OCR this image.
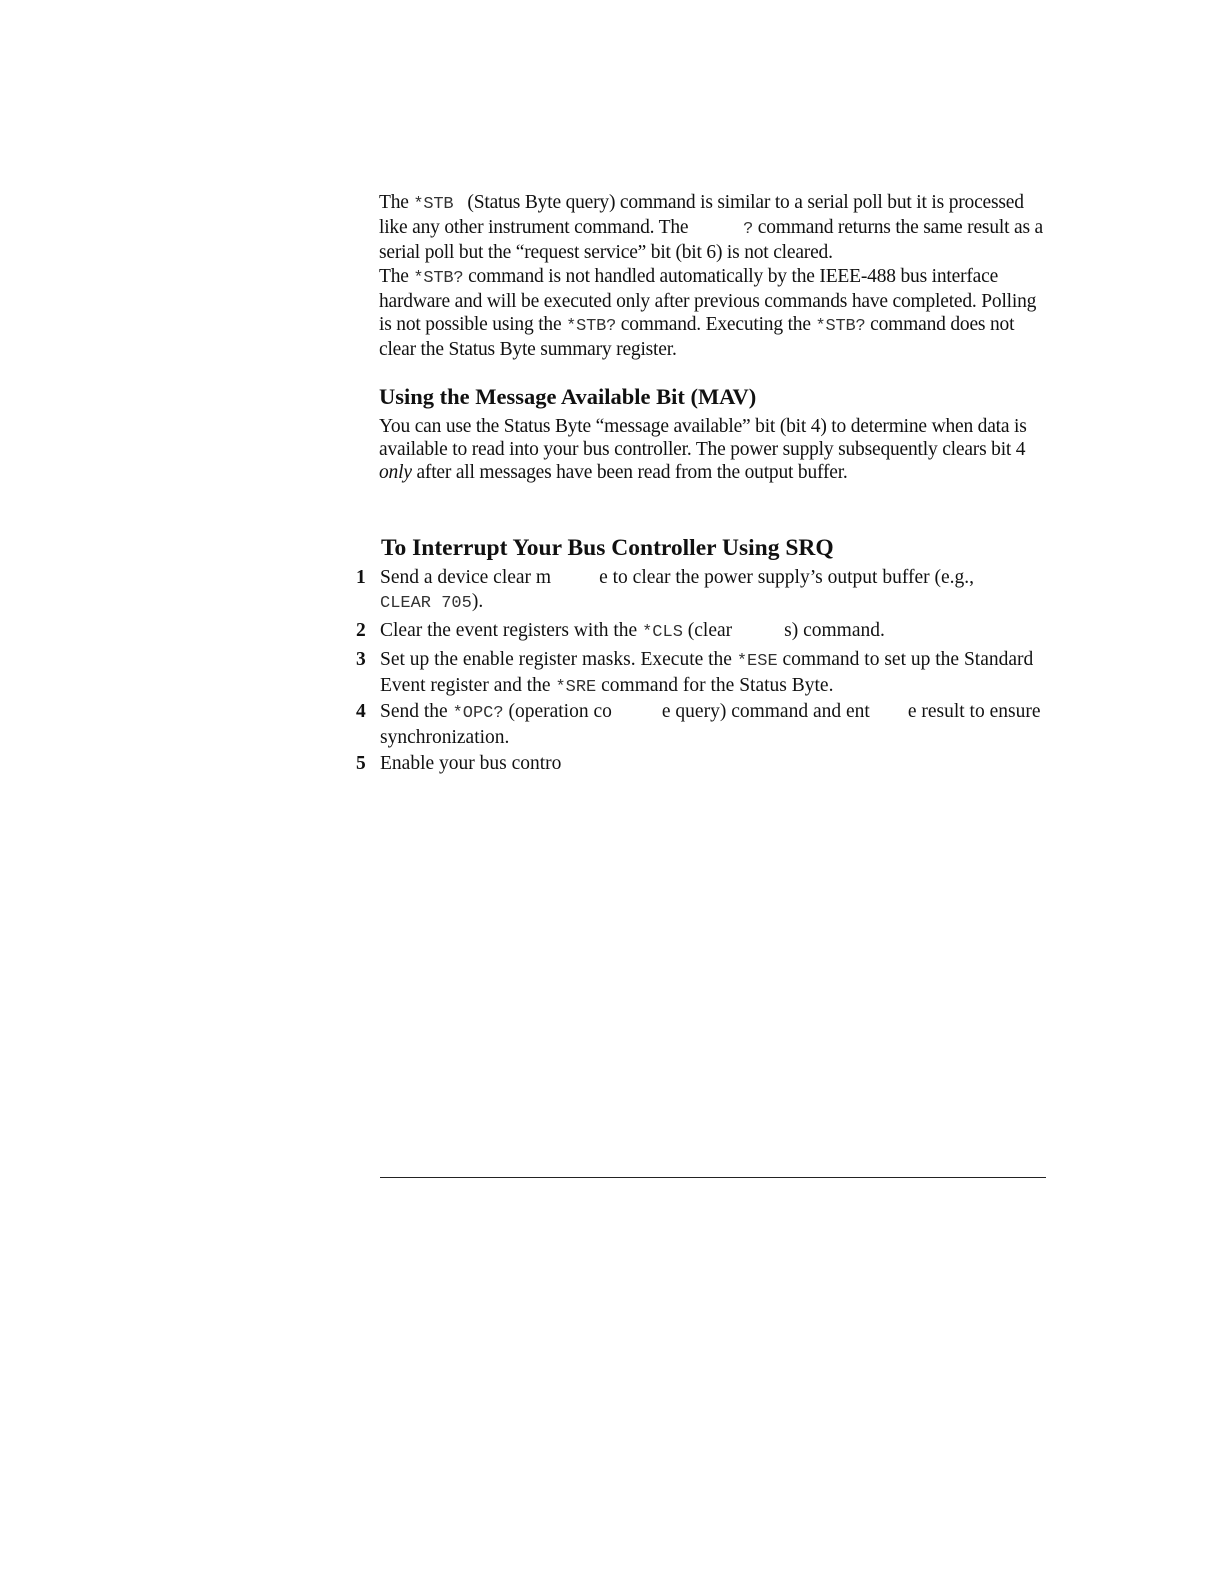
The *STB (Status Byte query) command is similar to a serial poll but it is processed like any other instrument command. The	? command returns the same result as a serial poll but the “request service” bit (bit 6) is not cleared.

The *STB? command is not handled automatically by the IEEE-488 bus interface hardware and will be executed only after previous commands have completed. Polling is not possible using the *STB? command. Executing the *STB? command does not clear the Status Byte summary register.

Using the Message Available Bit (MAV)

You can use the Status Byte “message available” bit (bit 4) to determine when data is available to read into your bus controller. The power supply subsequently clears bit 4 only after all messages have been read from the output buffer.

To Interrupt Your Bus Controller Using SRQ
1 Send a device clear m e to clear the power supply’s output buffer (e.g.,
CLEAR 705).
2 Clear the event registers with the *CLS (clear	s) command.
3 Set up the enable register masks. Execute the *ESE command to set up the Standard Event register and the *SRE command for the Status Byte.
4 Send the *OPC? (operation co	e query) command and ent e result to ensure synchronization.
5 Enable your bus contro
